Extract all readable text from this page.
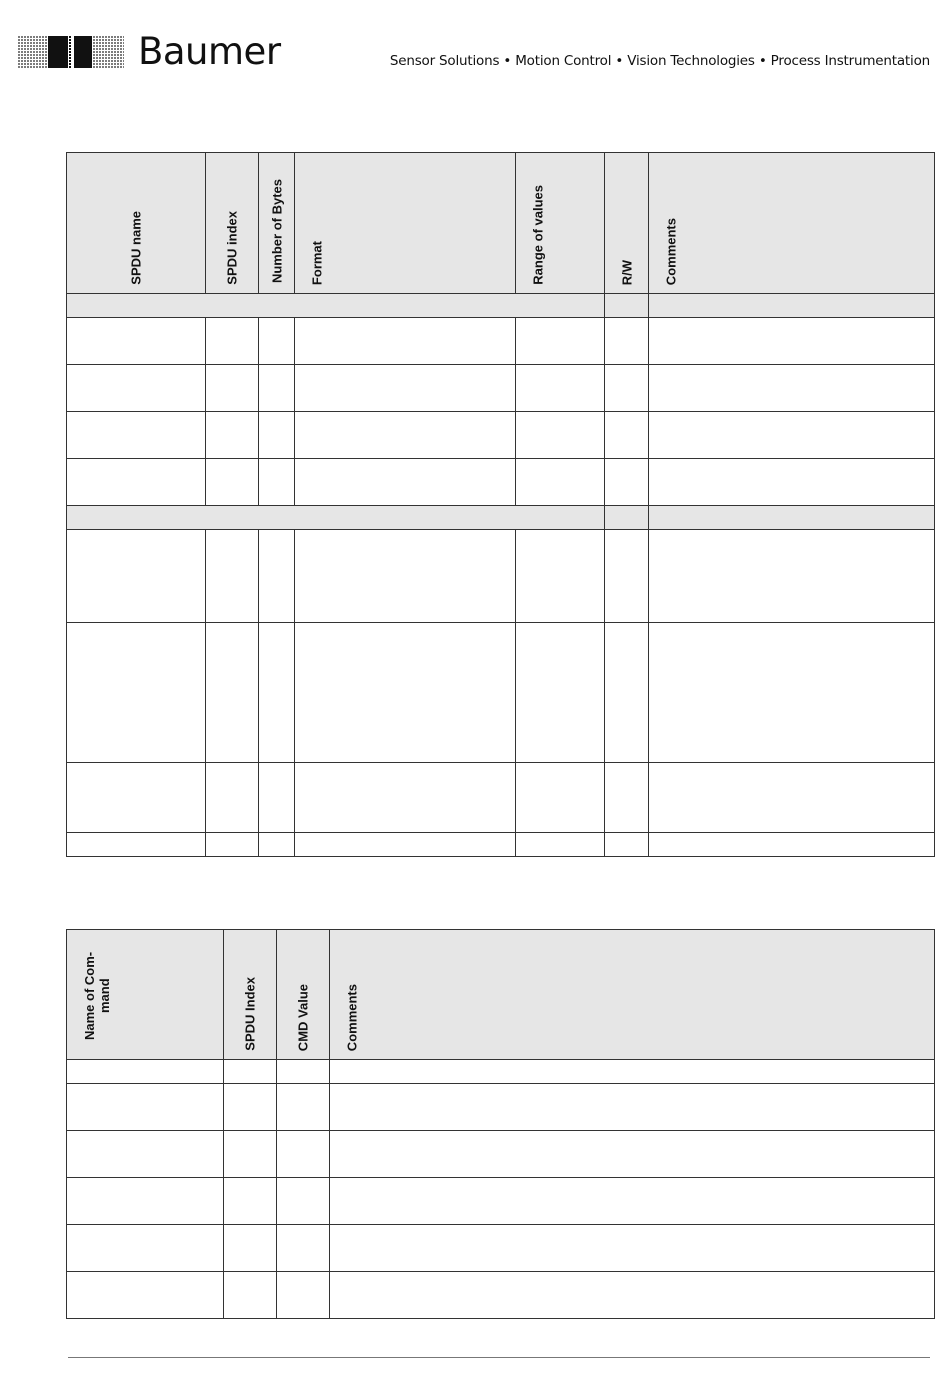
Baumer	Sensor Solutions • Motion Control • Vision Technologies • Process Instrumentation
SPDU name	SPDU index	Number of Bytes	Format	Range of values	R/W	Comments

Name of Com- mand	SPDU Index	CMD Value	Comments
